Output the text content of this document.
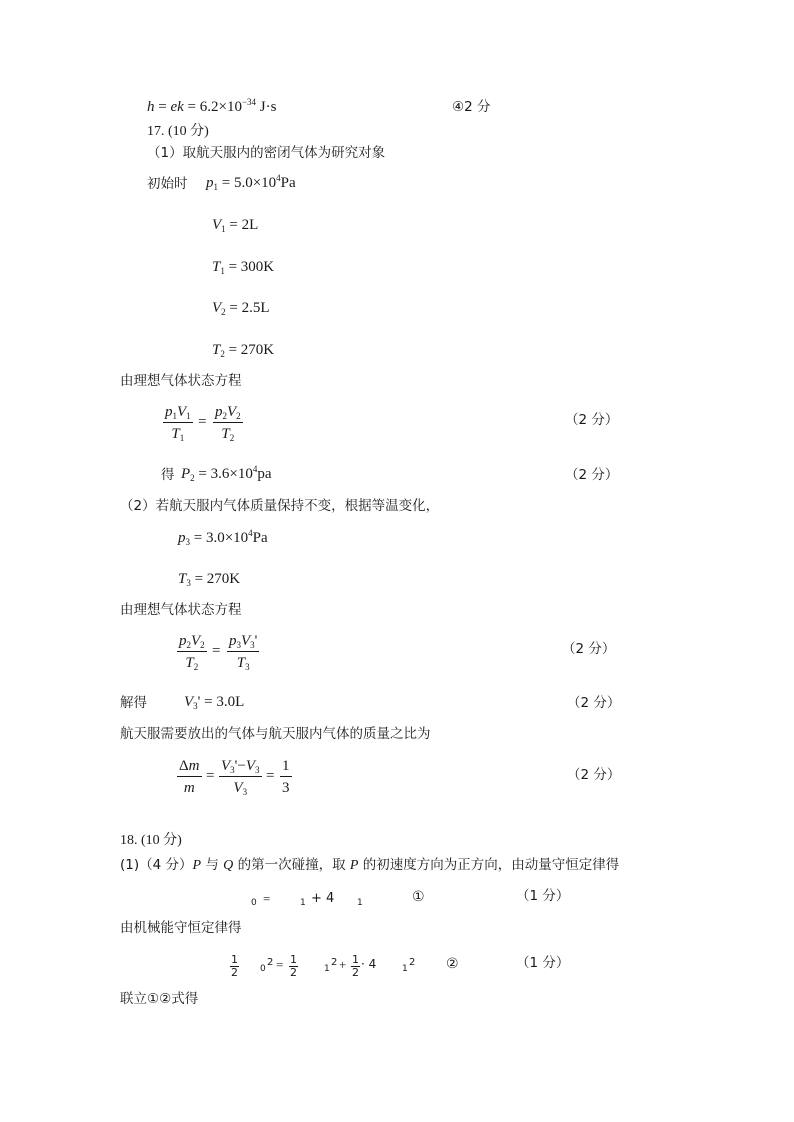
h = ek = $6.2\times 10^{-34}$ J·s	④2 分
17. (10 分)
（1）取航天服内的密闭气体为研究对象
初始时 $p_1 = 5.0\times 10^4Pa$
$V_1 = 2L$
$T_1 = 300K$
$V_2 = 2.5L$
$T_2 = 270K$
由理想气体状态方程
$\frac{p_1V_1}{T_1} = \frac{p_2V_2}{T_2}$	（2 分）
得 $P_2 = 3.6\times 10^4pa$	（2 分）
（2）若航天服内气体质量保持不变，根据等温变化，
$p_3 = 3.0\times 10^4Pa$
$T_3 = 270K$
由理想气体状态方程
$\frac{p_2V_2}{T_2} = \frac{p_3V_3'}{T_3}$	（2 分）
解得 $V_3' = 3.0L$	（2 分）
航天服需要放出的气体与航天服内气体的质量之比为
$\frac{\Delta m}{m} = \frac{V_3'-V_3}{V_3} = \frac{1}{3}$	（2 分）
18. (10 分)
(1)（4 分）P 与 Q 的第一次碰撞，取 P 的初速度方向为正方向，由动量守恒定律得
0 =	1 + 4	1	①	（1 分）
由机械能守恒定律得
$\frac{1}{2} 0$
$2 = \frac{1}{2}$	1
$2 + \frac{1}{2} \cdot 4$	1
2 ②	（1 分）
联立①②式得
